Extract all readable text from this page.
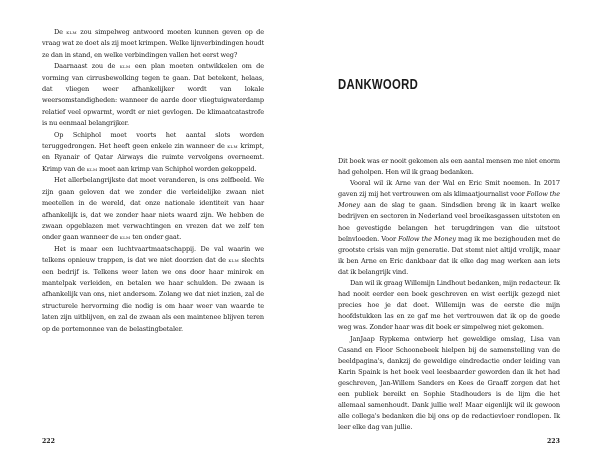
De klm zou simpelweg antwoord moeten kunnen geven op de vraag wat ze doet als zij moet krimpen. Welke lijnverbindingen houdt ze dan in stand, en welke verbindingen vallen het eerst weg?

Daarnaast zou de klm een plan moeten ontwikkelen om de vorming van cirrusbewolking tegen te gaan. Dat betekent, helaas, dat vliegen weer afhankelijker wordt van lokale weersomstandigheden: wanneer de aarde door vliegtuigwaterdamp relatief veel opwarmt, wordt er niet gevlogen. De klimaatcatastrofe is nu eenmaal belangrijker.

Op Schiphol moet voorts het aantal slots worden teruggedrongen. Het heeft geen enkele zin wanneer de klm krimpt, en Ryanair of Qatar Airways die ruimte vervolgens overneemt. Krimp van de klm moet aan krimp van Schiphol worden gekoppeld.

Het allerbelangrijkste dat moet veranderen, is ons zelfbeeld. We zijn gaan geloven dat we zonder die verleidelijke zwaan niet meetellen in de wereld, dat onze nationale identiteit van haar afhankelijk is, dat we zonder haar niets waard zijn. We hebben de zwaan opgeblazen met verwachtingen en vrezen dat we zelf ten onder gaan wanneer de klm ten onder gaat.

Het is maar een luchtvaartmaatschappij. De val waarin we telkens opnieuw trappen, is dat we niet doorzien dat de klm slechts een bedrijf is. Telkens weer laten we ons door haar minirok en mantelpak verleiden, en betalen we haar schulden. De zwaan is afhankelijk van ons, niet andersom. Zolang we dat niet inzien, zal de structurele hervorming die nodig is om haar weer van waarde te laten zijn uitblijven, en zal de zwaan als een maintenee blijven teren op de portemonnee van de belastingbetaler.

222
DANKWOORD

Dit boek was er nooit gekomen als een aantal mensen me niet enorm had geholpen. Hen wil ik graag bedanken.

Vooral wil ik Arne van der Wal en Eric Smit noemen. In 2017 gaven zij mij het vertrouwen om als klimaatjournalist voor Follow the Money aan de slag te gaan. Sindsdien breng ik in kaart welke bedrijven en sectoren in Nederland veel broeikasgassen uitstoten en hoe gevestigde belangen het terugdringen van die uitstoot beïnvloeden. Voor Follow the Money mag ik me bezighouden met de grootste crisis van mijn generatie. Dat stemt niet altijd vrolijk, maar ik ben Arne en Eric dankbaar dat ik elke dag mag werken aan iets dat ik belangrijk vind.

Dan wil ik graag Willemijn Lindhout bedanken, mijn redacteur. Ik had nooit eerder een boek geschreven en wist eerlijk gezegd niet precies hoe je dat doet. Willemijn was de eerste die mijn hoofdstukken las en ze gaf me het vertrouwen dat ik op de goede weg was. Zonder haar was dit boek er simpelweg niet gekomen.

JanJaap Rypkema ontwierp het geweldige omslag, Lisa van Casand en Floor Schoonebeek hielpen bij de samenstelling van de beeldpagina's, dankzij de geweldige eindredactie onder leiding van Karin Spaink is het boek veel leesbaarder geworden dan ik het had geschreven, Jan-Willem Sanders en Kees de Graaff zorgen dat het een publiek bereikt en Sophie Stadhouders is de lijm die het allemaal samenhoudt. Dank jullie wel! Maar eigenlijk wil ik gewoon alle collega's bedanken die bij ons op de redactievloer rondlopen. Ik leer elke dag van jullie.

223
